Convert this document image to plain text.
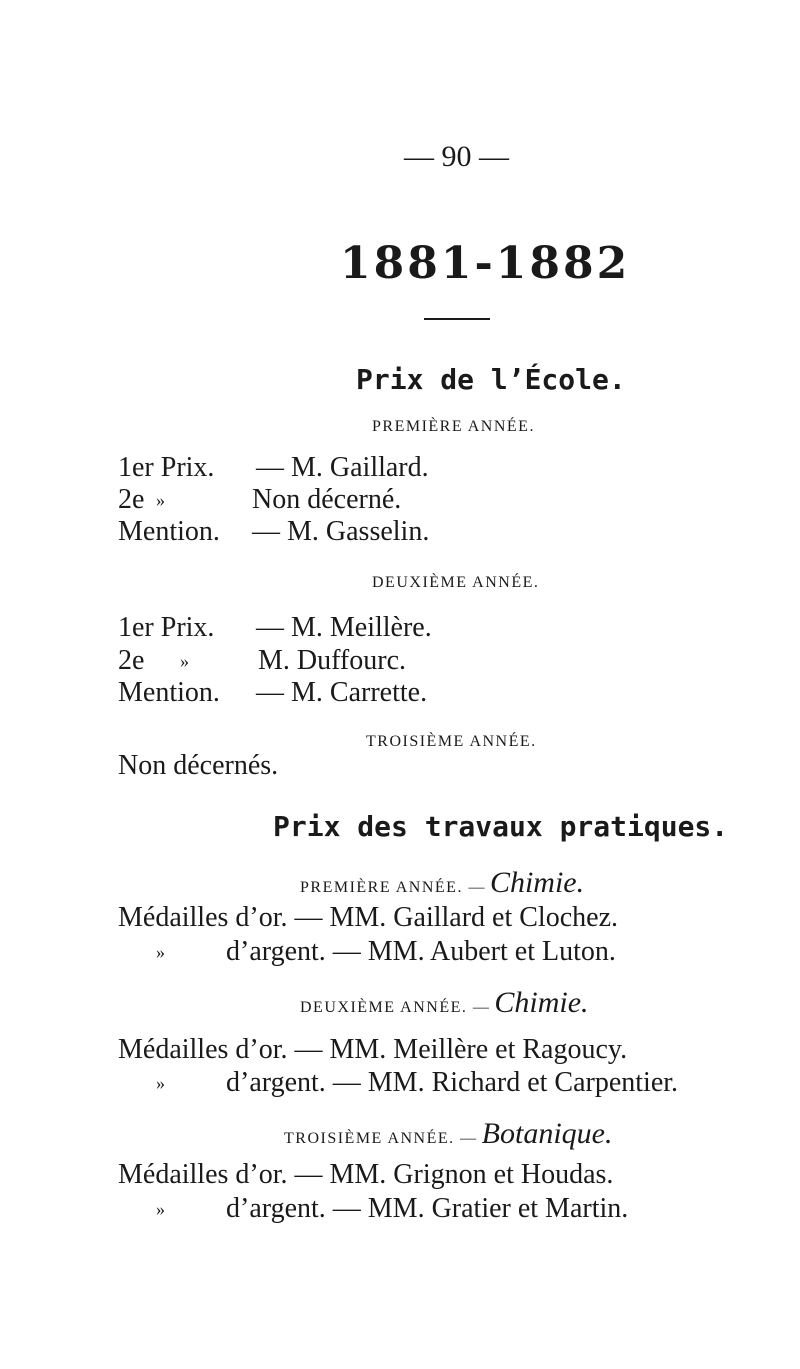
— 90 —
1881-1882
Prix de l’École.
PREMIÈRE ANNÉE.
1er Prix. — M. Gaillard.
2e »	Non décerné.
Mention. — M. Gasselin.
DEUXIÈME ANNÉE.
1er Prix. — M. Meillère.
2e » M. Duffourc.
Mention. — M. Carrette.
TROISIÈME ANNÉE.
Non décernés.
Prix des travaux pratiques.
PREMIÈRE ANNÉE. — Chimie.
Médailles d’or. — MM. Gaillard et Clochez.
» d’argent. — MM. Aubert et Luton.
DEUXIÈME ANNÉE. — Chimie.
Médailles d’or. — MM. Meillère et Ragoucy.
» d’argent. — MM. Richard et Carpentier.
TROISIÈME ANNÉE. — Botanique.
Médailles d’or. — MM. Grignon et Houdas.
» d’argent. — MM. Gratier et Martin.
